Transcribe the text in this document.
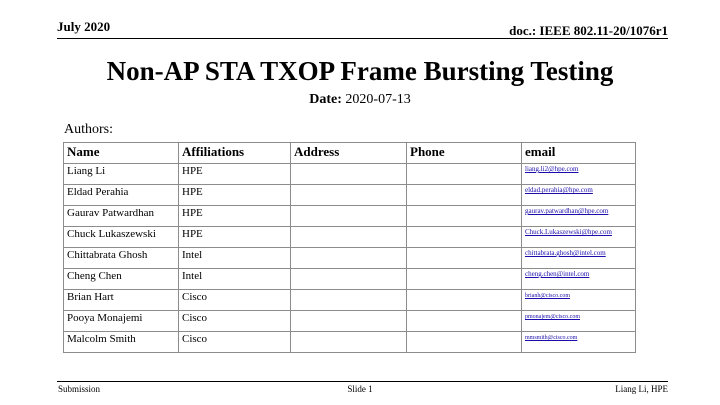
July 2020	doc.: IEEE 802.11-20/1076r1
Non-AP STA TXOP Frame Bursting Testing
Date: 2020-07-13
Authors:
Name	Affiliations	Address	Phone	email
Liang Li	HPE			liang.li2@hpe.com
Eldad Perahia	HPE			eldad.perahia@hpe.com
Gaurav Patwardhan	HPE			gaurav.patwardhan@hpe.com
Chuck Lukaszewski	HPE			Chuck.Lukaszewski@hpe.com
Chittabrata Ghosh	Intel			chittabrata.ghosh@intel.com
Cheng Chen	Intel			cheng.chen@intel.com
Brian Hart	Cisco			brianh@cisco.com
Pooya Monajemi	Cisco			pmonajem@cisco.com
Malcolm Smith	Cisco			mmsmith@cisco.com
Submission	Slide 1	Liang Li, HPE
